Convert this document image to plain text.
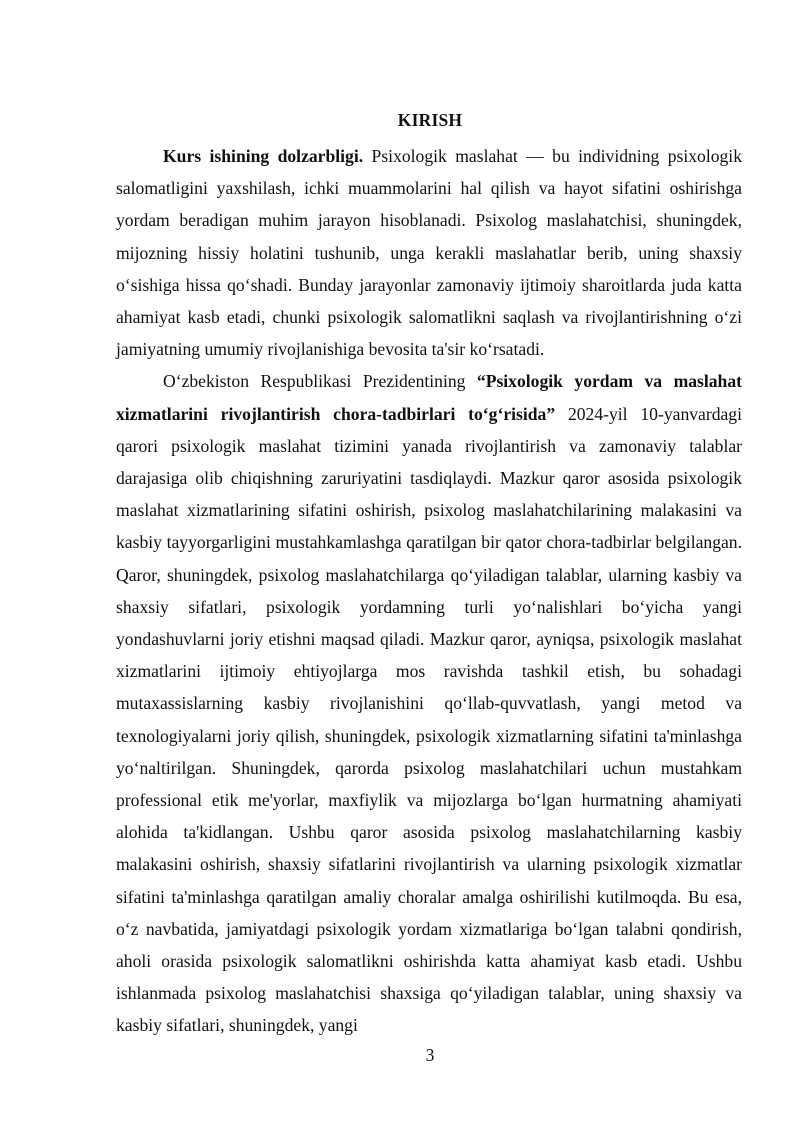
KIRISH

Kurs ishining dolzarbligi. Psixologik maslahat — bu individning psixologik salomatligini yaxshilash, ichki muammolarini hal qilish va hayot sifatini oshirishga yordam beradigan muhim jarayon hisoblanadi. Psixolog maslahatchisi, shuningdek, mijozning hissiy holatini tushunib, unga kerakli maslahatlar berib, uning shaxsiy oʻsishiga hissa qoʻshadi. Bunday jarayonlar zamonaviy ijtimoiy sharoitlarda juda katta ahamiyat kasb etadi, chunki psixologik salomatlikni saqlash va rivojlantirishning oʻzi jamiyatning umumiy rivojlanishiga bevosita ta'sir koʻrsatadi.

Oʻzbekiston Respublikasi Prezidentining “Psixologik yordam va maslahat xizmatlarini rivojlantirish chora-tadbirlari toʻgʻrisida” 2024-yil 10-yanvardagi qarori psixologik maslahat tizimini yanada rivojlantirish va zamonaviy talablar darajasiga olib chiqishning zaruriyatini tasdiqlaydi. Mazkur qaror asosida psixologik maslahat xizmatlarining sifatini oshirish, psixolog maslahatchilarining malakasini va kasbiy tayyorgarligini mustahkamlashga qaratilgan bir qator chora-tadbirlar belgilangan. Qaror, shuningdek, psixolog maslahatchilarga qoʻyiladigan talablar, ularning kasbiy va shaxsiy sifatlari, psixologik yordamning turli yoʻnalishlari boʻyicha yangi yondashuvlarni joriy etishni maqsad qiladi. Mazkur qaror, ayniqsa, psixologik maslahat xizmatlarini ijtimoiy ehtiyojlarga mos ravishda tashkil etish, bu sohadagi mutaxassislarning kasbiy rivojlanishini qoʻllab-quvvatlash, yangi metod va texnologiyalarni joriy qilish, shuningdek, psixologik xizmatlarning sifatini ta'minlashga yoʻnaltirilgan. Shuningdek, qarorda psixolog maslahatchilari uchun mustahkam professional etik me'yorlar, maxfiylik va mijozlarga boʻlgan hurmatning ahamiyati alohida ta'kidlangan. Ushbu qaror asosida psixolog maslahatchilarning kasbiy malakasini oshirish, shaxsiy sifatlarini rivojlantirish va ularning psixologik xizmatlar sifatini ta'minlashga qaratilgan amaliy choralar amalga oshirilishi kutilmoqda. Bu esa, oʻz navbatida, jamiyatdagi psixologik yordam xizmatlariga boʻlgan talabni qondirish, aholi orasida psixologik salomatlikni oshirishda katta ahamiyat kasb etadi. Ushbu ishlanmada psixolog maslahatchisi shaxsiga qoʻyiladigan talablar, uning shaxsiy va kasbiy sifatlari, shuningdek, yangi

3
